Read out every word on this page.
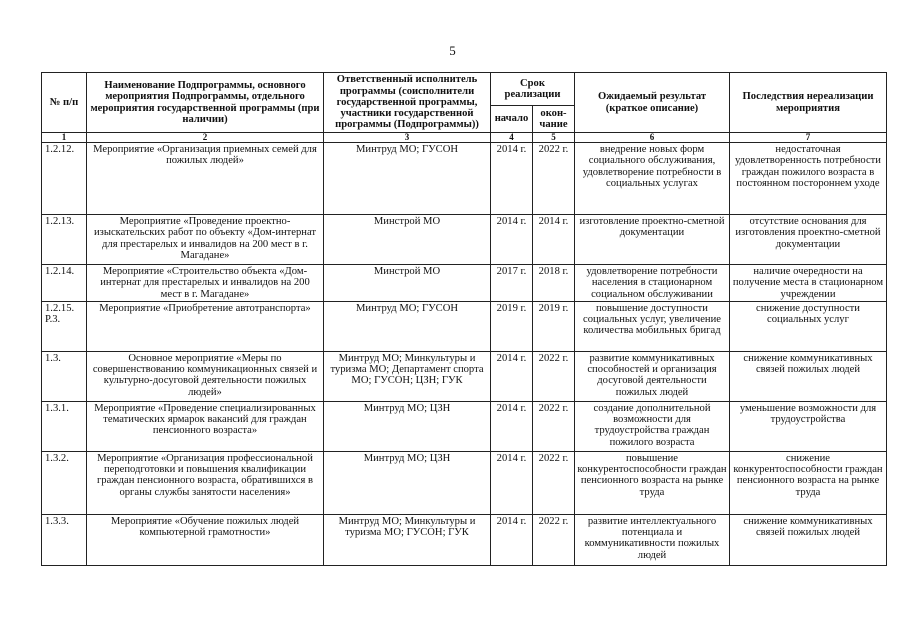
5
№ п/п	Наименование Подпрограммы, основного мероприятия Подпрограммы, отдельного мероприятия государственной программы (при наличии)	Ответственный исполнитель программы (соисполнители государственной программы, участники государственной программы (Подпрограммы))	Срок реализации		Ожидаемый результат (краткое описание)	Последствия нереализации мероприятия
			начало	окон-чание		
1	2	3	4	5	6	7
1.2.12.	Мероприятие «Организация приемных семей для пожилых людей»	Минтруд МО; ГУСОН	2014 г.	2022 г.	внедрение новых форм социального обслуживания, удовлетворение потребности в социальных услугах	недостаточная удовлетворенность потребности граждан пожилого возраста в постоянном постороннем уходе
1.2.13.	Мероприятие «Проведение проектно-изыскательских работ по объекту «Дом-интернат для престарелых и инвалидов на 200 мест в г. Магадане»	Минстрой МО	2014 г.	2014 г.	изготовление проектно-сметной документации	отсутствие основания для изготовления проектно-сметной документации
1.2.14.	Мероприятие «Строительство объекта «Дом-интернат для престарелых и инвалидов на 200 мест в г. Магадане»	Минстрой МО	2017 г.	2018 г.	удовлетворение потребности населения в стационарном социальном обслуживании	наличие очередности на получение места в стационарном учреждении
1.2.15. Р.3.	Мероприятие «Приобретение автотранспорта»	Минтруд МО; ГУСОН	2019 г.	2019 г.	повышение доступности социальных услуг, увеличение количества мобильных бригад	снижение доступности социальных услуг
1.3.	Основное мероприятие «Меры по совершенствованию коммуникационных связей и культурно-досуговой деятельности пожилых людей»	Минтруд МО; Минкультуры и туризма МО; Департамент спорта МО; ГУСОН; ЦЗН; ГУК	2014 г.	2022 г.	развитие коммуникативных способностей и организация досуговой деятельности пожилых людей	снижение коммуникативных связей пожилых людей
1.3.1.	Мероприятие «Проведение специализированных тематических ярмарок вакансий для граждан пенсионного возраста»	Минтруд МО; ЦЗН	2014 г.	2022 г.	создание дополнительной возможности для трудоустройства граждан пожилого возраста	уменьшение возможности для трудоустройства
1.3.2.	Мероприятие «Организация профессиональной переподготовки и повышения квалификации граждан пенсионного возраста, обратившихся в органы службы занятости населения»	Минтруд МО; ЦЗН	2014 г.	2022 г.	повышение конкурентоспособности граждан пенсионного возраста на рынке труда	снижение конкурентоспособности граждан пенсионного возраста на рынке труда
1.3.3.	Мероприятие «Обучение пожилых людей компьютерной грамотности»	Минтруд МО; Минкультуры и туризма МО; ГУСОН; ГУК	2014 г.	2022 г.	развитие интеллектуального потенциала и коммуникативности пожилых людей	снижение коммуникативных связей пожилых людей
